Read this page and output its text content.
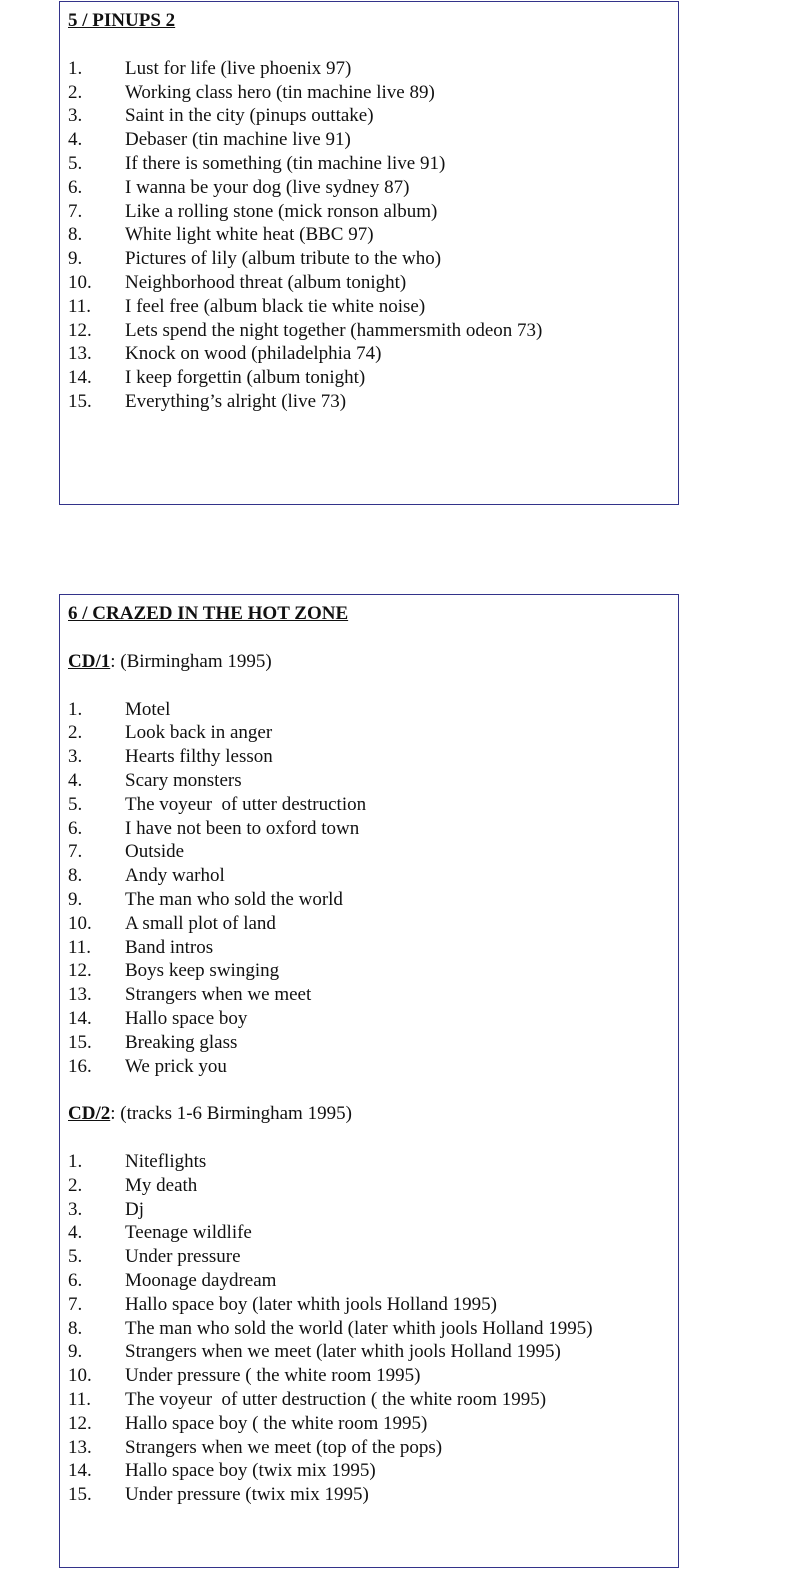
5 / PINUPS 2
1.	Lust for life (live phoenix 97)
2.	Working class hero (tin machine live 89)
3.	Saint in the city (pinups outtake)
4.	Debaser (tin machine live 91)
5.	If there is something (tin machine live 91)
6.	I wanna be your dog (live sydney 87)
7.	Like a rolling stone (mick ronson album)
8.	White light white heat (BBC 97)
9.	Pictures of lily (album tribute to the who)
10.	Neighborhood threat (album tonight)
11.	I feel free (album black tie white noise)
12.	Lets spend the night together (hammersmith odeon 73)
13.	Knock on wood (philadelphia 74)
14.	I keep forgettin (album tonight)
15.	Everything’s alright (live 73)
6 / CRAZED IN THE HOT ZONE
CD/1: (Birmingham 1995)
1.	Motel
2.	Look back in anger
3.	Hearts filthy lesson
4.	Scary monsters
5.	The voyeur  of utter destruction
6.	I have not been to oxford town
7.	Outside
8.	Andy warhol
9.	The man who sold the world
10.	A small plot of land
11.	Band intros
12.	Boys keep swinging
13.	Strangers when we meet
14.	Hallo space boy
15.	Breaking glass
16.	We prick you
CD/2: (tracks 1-6 Birmingham 1995)
1.	Niteflights
2.	My death
3.	Dj
4.	Teenage wildlife
5.	Under pressure
6.	Moonage daydream
7.	Hallo space boy (later whith jools Holland 1995)
8.	The man who sold the world (later whith jools Holland 1995)
9.	Strangers when we meet (later whith jools Holland 1995)
10.	Under pressure ( the white room 1995)
11.	The voyeur  of utter destruction ( the white room 1995)
12.	Hallo space boy ( the white room 1995)
13.	Strangers when we meet (top of the pops)
14.	Hallo space boy (twix mix 1995)
15.	Under pressure (twix mix 1995)
